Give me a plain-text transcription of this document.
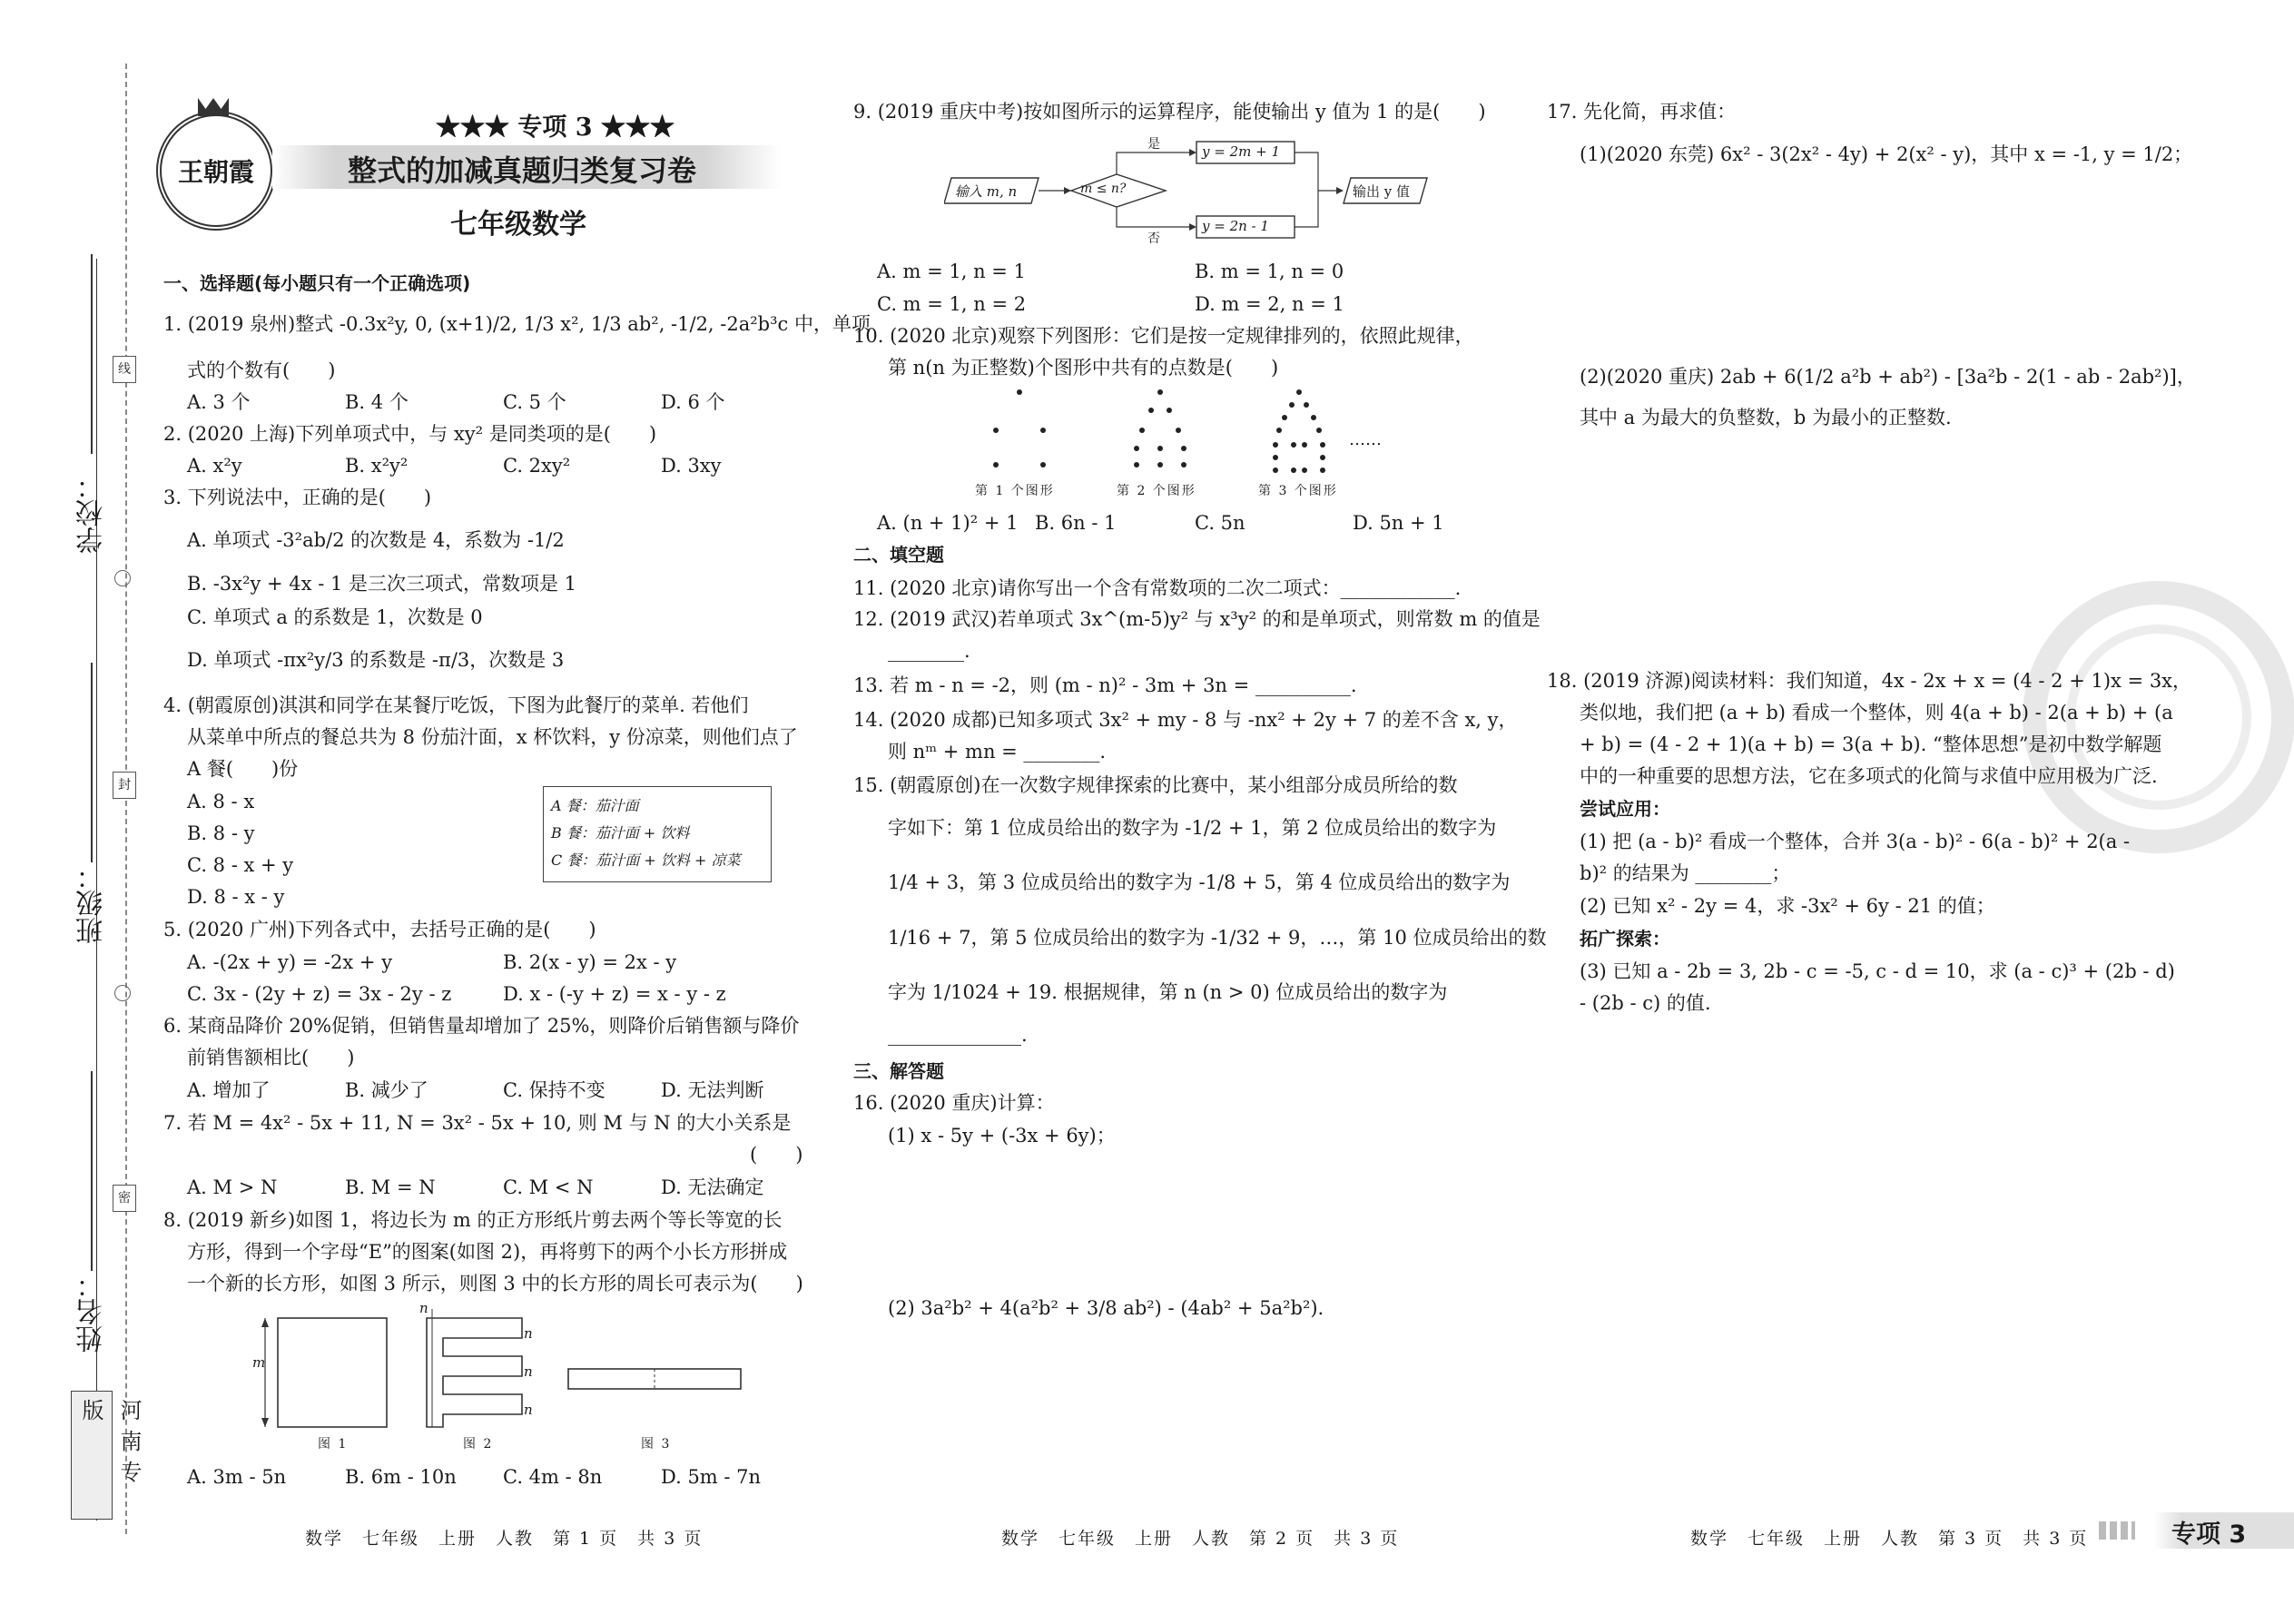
学校：
班级：
姓名：
线
封
密
河南专版
王朝霞
★★★ 专项 3 ★★★
整式的加减真题归类复习卷
七年级数学
一、选择题(每小题只有一个正确选项)
1. (2019 泉州)整式 -0.3x²y, 0, (x+1)/2, 1/3 x², 1/3 ab², -1/2, -2a²b³c 中，单项
式的个数有(　　)
A. 3 个	B. 4 个	C. 5 个	D. 6 个
2. (2020 上海)下列单项式中，与 xy² 是同类项的是(　　)
A. x²y	B. x²y²	C. 2xy²	D. 3xy
3. 下列说法中，正确的是(　　)
A. 单项式 -3²ab/2 的次数是 4，系数为 -1/2
B. -3x²y + 4x - 1 是三次三项式，常数项是 1
C. 单项式 a 的系数是 1，次数是 0
D. 单项式 -πx²y/3 的系数是 -π/3，次数是 3
4. (朝霞原创)淇淇和同学在某餐厅吃饭，下图为此餐厅的菜单. 若他们
从菜单中所点的餐总共为 8 份茄汁面，x 杯饮料，y 份凉菜，则他们点了
A 餐(　　)份
A. 8 - x
B. 8 - y
C. 8 - x + y
D. 8 - x - y
A 餐：茄汁面
B 餐：茄汁面 + 饮料
C 餐：茄汁面 + 饮料 + 凉菜
5. (2020 广州)下列各式中，去括号正确的是(　　)
A. -(2x + y) = -2x + y	B. 2(x - y) = 2x - y
C. 3x - (2y + z) = 3x - 2y - z	D. x - (-y + z) = x - y - z
6. 某商品降价 20%促销，但销售量却增加了 25%，则降价后销售额与降价
前销售额相比(　　)
A. 增加了	B. 减少了	C. 保持不变	D. 无法判断
7. 若 M = 4x² - 5x + 11, N = 3x² - 5x + 10, 则 M 与 N 的大小关系是
(　　)
A. M > N	B. M = N	C. M < N	D. 无法确定
8. (2019 新乡)如图 1，将边长为 m 的正方形纸片剪去两个等长等宽的长
方形，得到一个字母“E”的图案(如图 2)，再将剪下的两个小长方形拼成
一个新的长方形，如图 3 所示，则图 3 中的长方形的周长可表示为(　　)
m
n
n
n
n
图 1	图 2	图 3
A. 3m - 5n	B. 6m - 10n C. 4m - 8n	D. 5m - 7n
数学　七年级　上册　人教　第 1 页　共 3 页
9. (2019 重庆中考)按如图所示的运算程序，能使输出 y 值为 1 的是(　　)
输入 m, n	m ≤ n?
是
否
y = 2m + 1
y = 2n - 1
输出 y 值
A. m = 1, n = 1	B. m = 1, n = 0
C. m = 1, n = 2	D. m = 2, n = 1
10. (2020 北京)观察下列图形：它们是按一定规律排列的，依照此规律，
第 n(n 为正整数)个图形中共有的点数是(　　)
……
第 1 个图形	第 2 个图形	第 3 个图形
A. (n + 1)² + 1 B. 6n - 1	C. 5n	D. 5n + 1
二、填空题
11. (2020 北京)请你写出一个含有常数项的二次二项式：____________.
12. (2019 武汉)若单项式 3x^(m-5)y² 与 x³y² 的和是单项式，则常数 m 的值是
________.
13. 若 m - n = -2，则 (m - n)² - 3m + 3n = __________.
14. (2020 成都)已知多项式 3x² + my - 8 与 -nx² + 2y + 7 的差不含 x, y，
则 nᵐ + mn = ________.
15. (朝霞原创)在一次数字规律探索的比赛中，某小组部分成员所给的数
字如下：第 1 位成员给出的数字为 -1/2 + 1，第 2 位成员给出的数字为
1/4 + 3，第 3 位成员给出的数字为 -1/8 + 5，第 4 位成员给出的数字为
1/16 + 7，第 5 位成员给出的数字为 -1/32 + 9，…，第 10 位成员给出的数
字为 1/1024 + 19. 根据规律，第 n (n > 0) 位成员给出的数字为
______________.
三、解答题
16. (2020 重庆)计算：
(1) x - 5y + (-3x + 6y)；
(2) 3a²b² + 4(a²b² + 3/8 ab²) - (4ab² + 5a²b²).
数学　七年级　上册　人教　第 2 页　共 3 页
17. 先化简，再求值：
(1)(2020 东莞) 6x² - 3(2x² - 4y) + 2(x² - y)，其中 x = -1, y = 1/2；
(2)(2020 重庆) 2ab + 6(1/2 a²b + ab²) - [3a²b - 2(1 - ab - 2ab²)]，
其中 a 为最大的负整数，b 为最小的正整数.
18. (2019 济源)阅读材料：我们知道，4x - 2x + x = (4 - 2 + 1)x = 3x，
类似地，我们把 (a + b) 看成一个整体，则 4(a + b) - 2(a + b) + (a
+ b) = (4 - 2 + 1)(a + b) = 3(a + b). “整体思想”是初中数学解题
中的一种重要的思想方法，它在多项式的化简与求值中应用极为广泛.
尝试应用：
(1) 把 (a - b)² 看成一个整体，合并 3(a - b)² - 6(a - b)² + 2(a -
b)² 的结果为 ________；
(2) 已知 x² - 2y = 4，求 -3x² + 6y - 21 的值；
拓广探索：
(3) 已知 a - 2b = 3, 2b - c = -5, c - d = 10，求 (a - c)³ + (2b - d)
- (2b - c) 的值.
数学　七年级　上册　人教　第 3 页　共 3 页	专项 3
